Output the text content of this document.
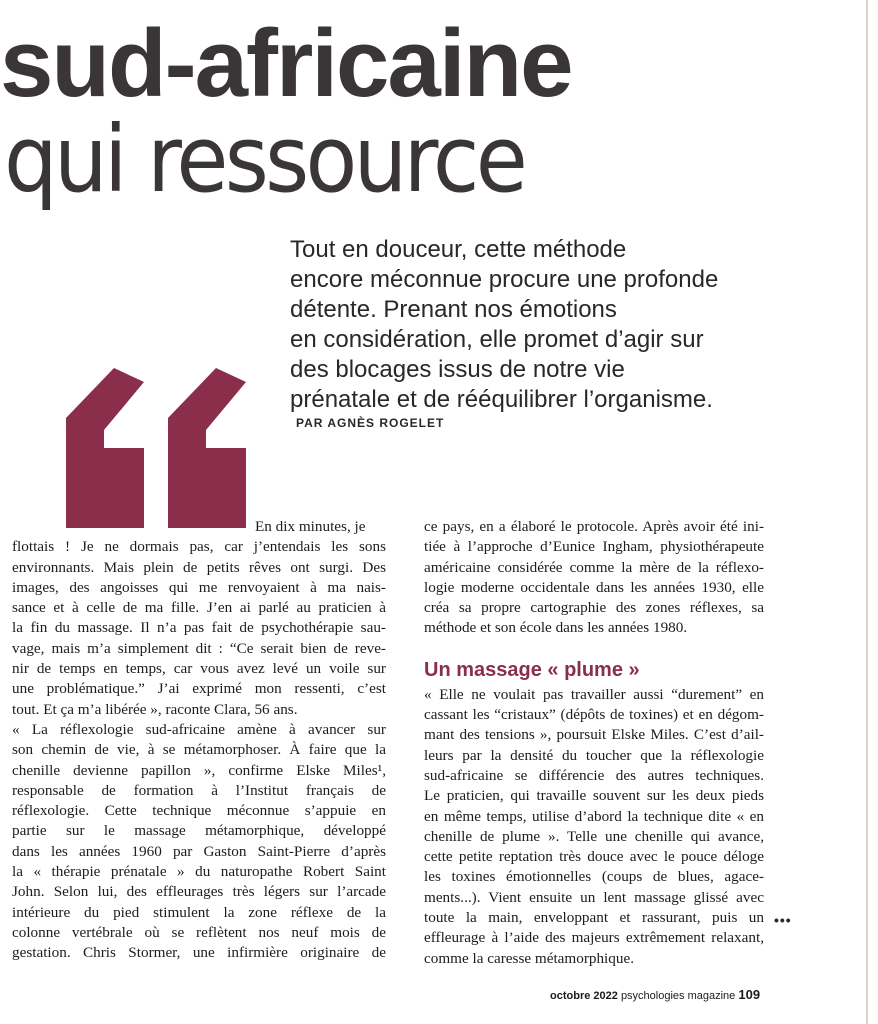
sud-africaine
qui ressource
Tout en douceur, cette méthode
encore méconnue procure une profonde
détente. Prenant nos émotions
en considération, elle promet d’agir sur
des blocages issus de notre vie
prénatale et de rééquilibrer l’organisme.
PAR AGNÈS ROGELET
En dix minutes, je
flottais ! Je ne dormais pas, car j’entendais les sons
environnants. Mais plein de petits rêves ont surgi. Des
images, des angoisses qui me renvoyaient à ma nais-
sance et à celle de ma fille. J’en ai parlé au praticien à
la fin du massage. Il n’a pas fait de psychothérapie sau-
vage, mais m’a simplement dit : “Ce serait bien de reve-
nir de temps en temps, car vous avez levé un voile sur
une problématique.” J’ai exprimé mon ressenti, c’est
tout. Et ça m’a libérée », raconte Clara, 56 ans.
« La réflexologie sud-africaine amène à avancer sur
son chemin de vie, à se métamorphoser. À faire que la
chenille devienne papillon », confirme Elske Miles¹,
responsable de formation à l’Institut français de
réflexologie. Cette technique méconnue s’appuie en
partie sur le massage métamorphique, développé
dans les années 1960 par Gaston Saint-Pierre d’après
la « thérapie prénatale » du naturopathe Robert Saint
John. Selon lui, des effleurages très légers sur l’arcade
intérieure du pied stimulent la zone réflexe de la
colonne vertébrale où se reflètent nos neuf mois de
gestation. Chris Stormer, une infirmière originaire de
ce pays, en a élaboré le protocole. Après avoir été ini-
tiée à l’approche d’Eunice Ingham, physiothérapeute
américaine considérée comme la mère de la réflexo-
logie moderne occidentale dans les années 1930, elle
créa sa propre cartographie des zones réflexes, sa
méthode et son école dans les années 1980.
Un massage « plume »
« Elle ne voulait pas travailler aussi “durement” en
cassant les “cristaux” (dépôts de toxines) et en dégom-
mant des tensions », poursuit Elske Miles. C’est d’ail-
leurs par la densité du toucher que la réflexologie
sud-africaine se différencie des autres techniques.
Le praticien, qui travaille souvent sur les deux pieds
en même temps, utilise d’abord la technique dite « en
chenille de plume ». Telle une chenille qui avance,
cette petite reptation très douce avec le pouce déloge
les toxines émotionnelles (coups de blues, agace-
ments...). Vient ensuite un lent massage glissé avec
toute la main, enveloppant et rassurant, puis un
effleurage à l’aide des majeurs extrêmement relaxant,
comme la caresse métamorphique.
•••
octobre 2022 psychologies magazine 109
